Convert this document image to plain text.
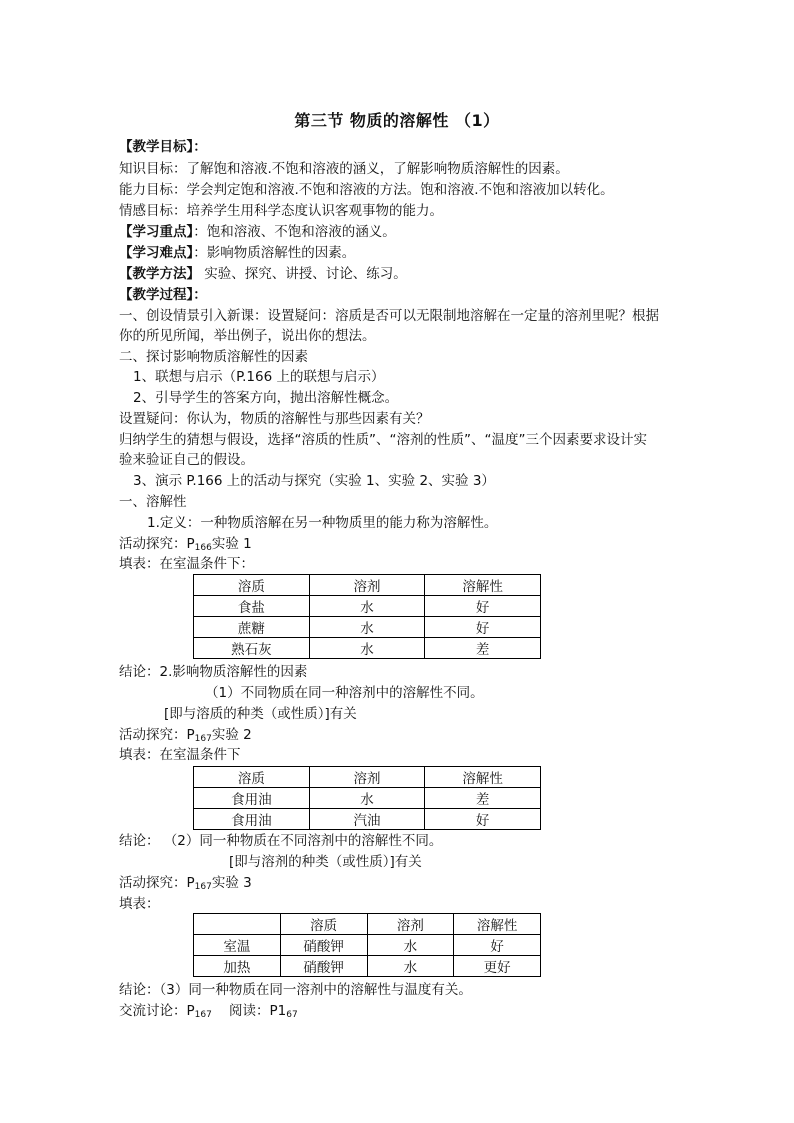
第三节 物质的溶解性 （1）
【教学目标】：
知识目标：了解饱和溶液.不饱和溶液的涵义，了解影响物质溶解性的因素。
能力目标：学会判定饱和溶液.不饱和溶液的方法。饱和溶液.不饱和溶液加以转化。
情感目标：培养学生用科学态度认识客观事物的能力。
【学习重点】：饱和溶液、不饱和溶液的涵义。
【学习难点】：影响物质溶解性的因素。
【教学方法】 实验、探究、讲授、讨论、练习。
【教学过程】：
一、创设情景引入新课：设置疑问：溶质是否可以无限制地溶解在一定量的溶剂里呢？根据
你的所见所闻，举出例子，说出你的想法。
二、探讨影响物质溶解性的因素
1、联想与启示（P.166 上的联想与启示）
2、引导学生的答案方向，抛出溶解性概念。
设置疑问：你认为，物质的溶解性与那些因素有关？
归纳学生的猜想与假设，选择“溶质的性质”、“溶剂的性质”、“温度”三个因素要求设计实
验来验证自己的假设。
3、演示 P.166 上的活动与探究（实验 1、实验 2、实验 3）
一、溶解性
1.定义：一种物质溶解在另一种物质里的能力称为溶解性。
活动探究：$P_{166}$实验 1
填表：在室温条件下：
溶质	溶剂	溶解性
食盐	水	好
蔗糖	水	好
熟石灰	水	差
结论：2.影响物质溶解性的因素
（1）不同物质在同一种溶剂中的溶解性不同。
[即与溶质的种类（或性质）]有关
活动探究：$P_{167}$实验 2
填表：在室温条件下
溶质	溶剂	溶解性
食用油	水	差
食用油	汽油	好
结论： （2）同一种物质在不同溶剂中的溶解性不同。
[即与溶剂的种类（或性质）]有关
活动探究：$P_{167}$实验 3
填表：
	溶质	溶剂	溶解性
室温	硝酸钾	水	好
加热	硝酸钾	水	更好
结论：（3）同一种物质在同一溶剂中的溶解性与温度有关。
交流讨论：$P_{167}$ 阅读：$P1_{67}$
